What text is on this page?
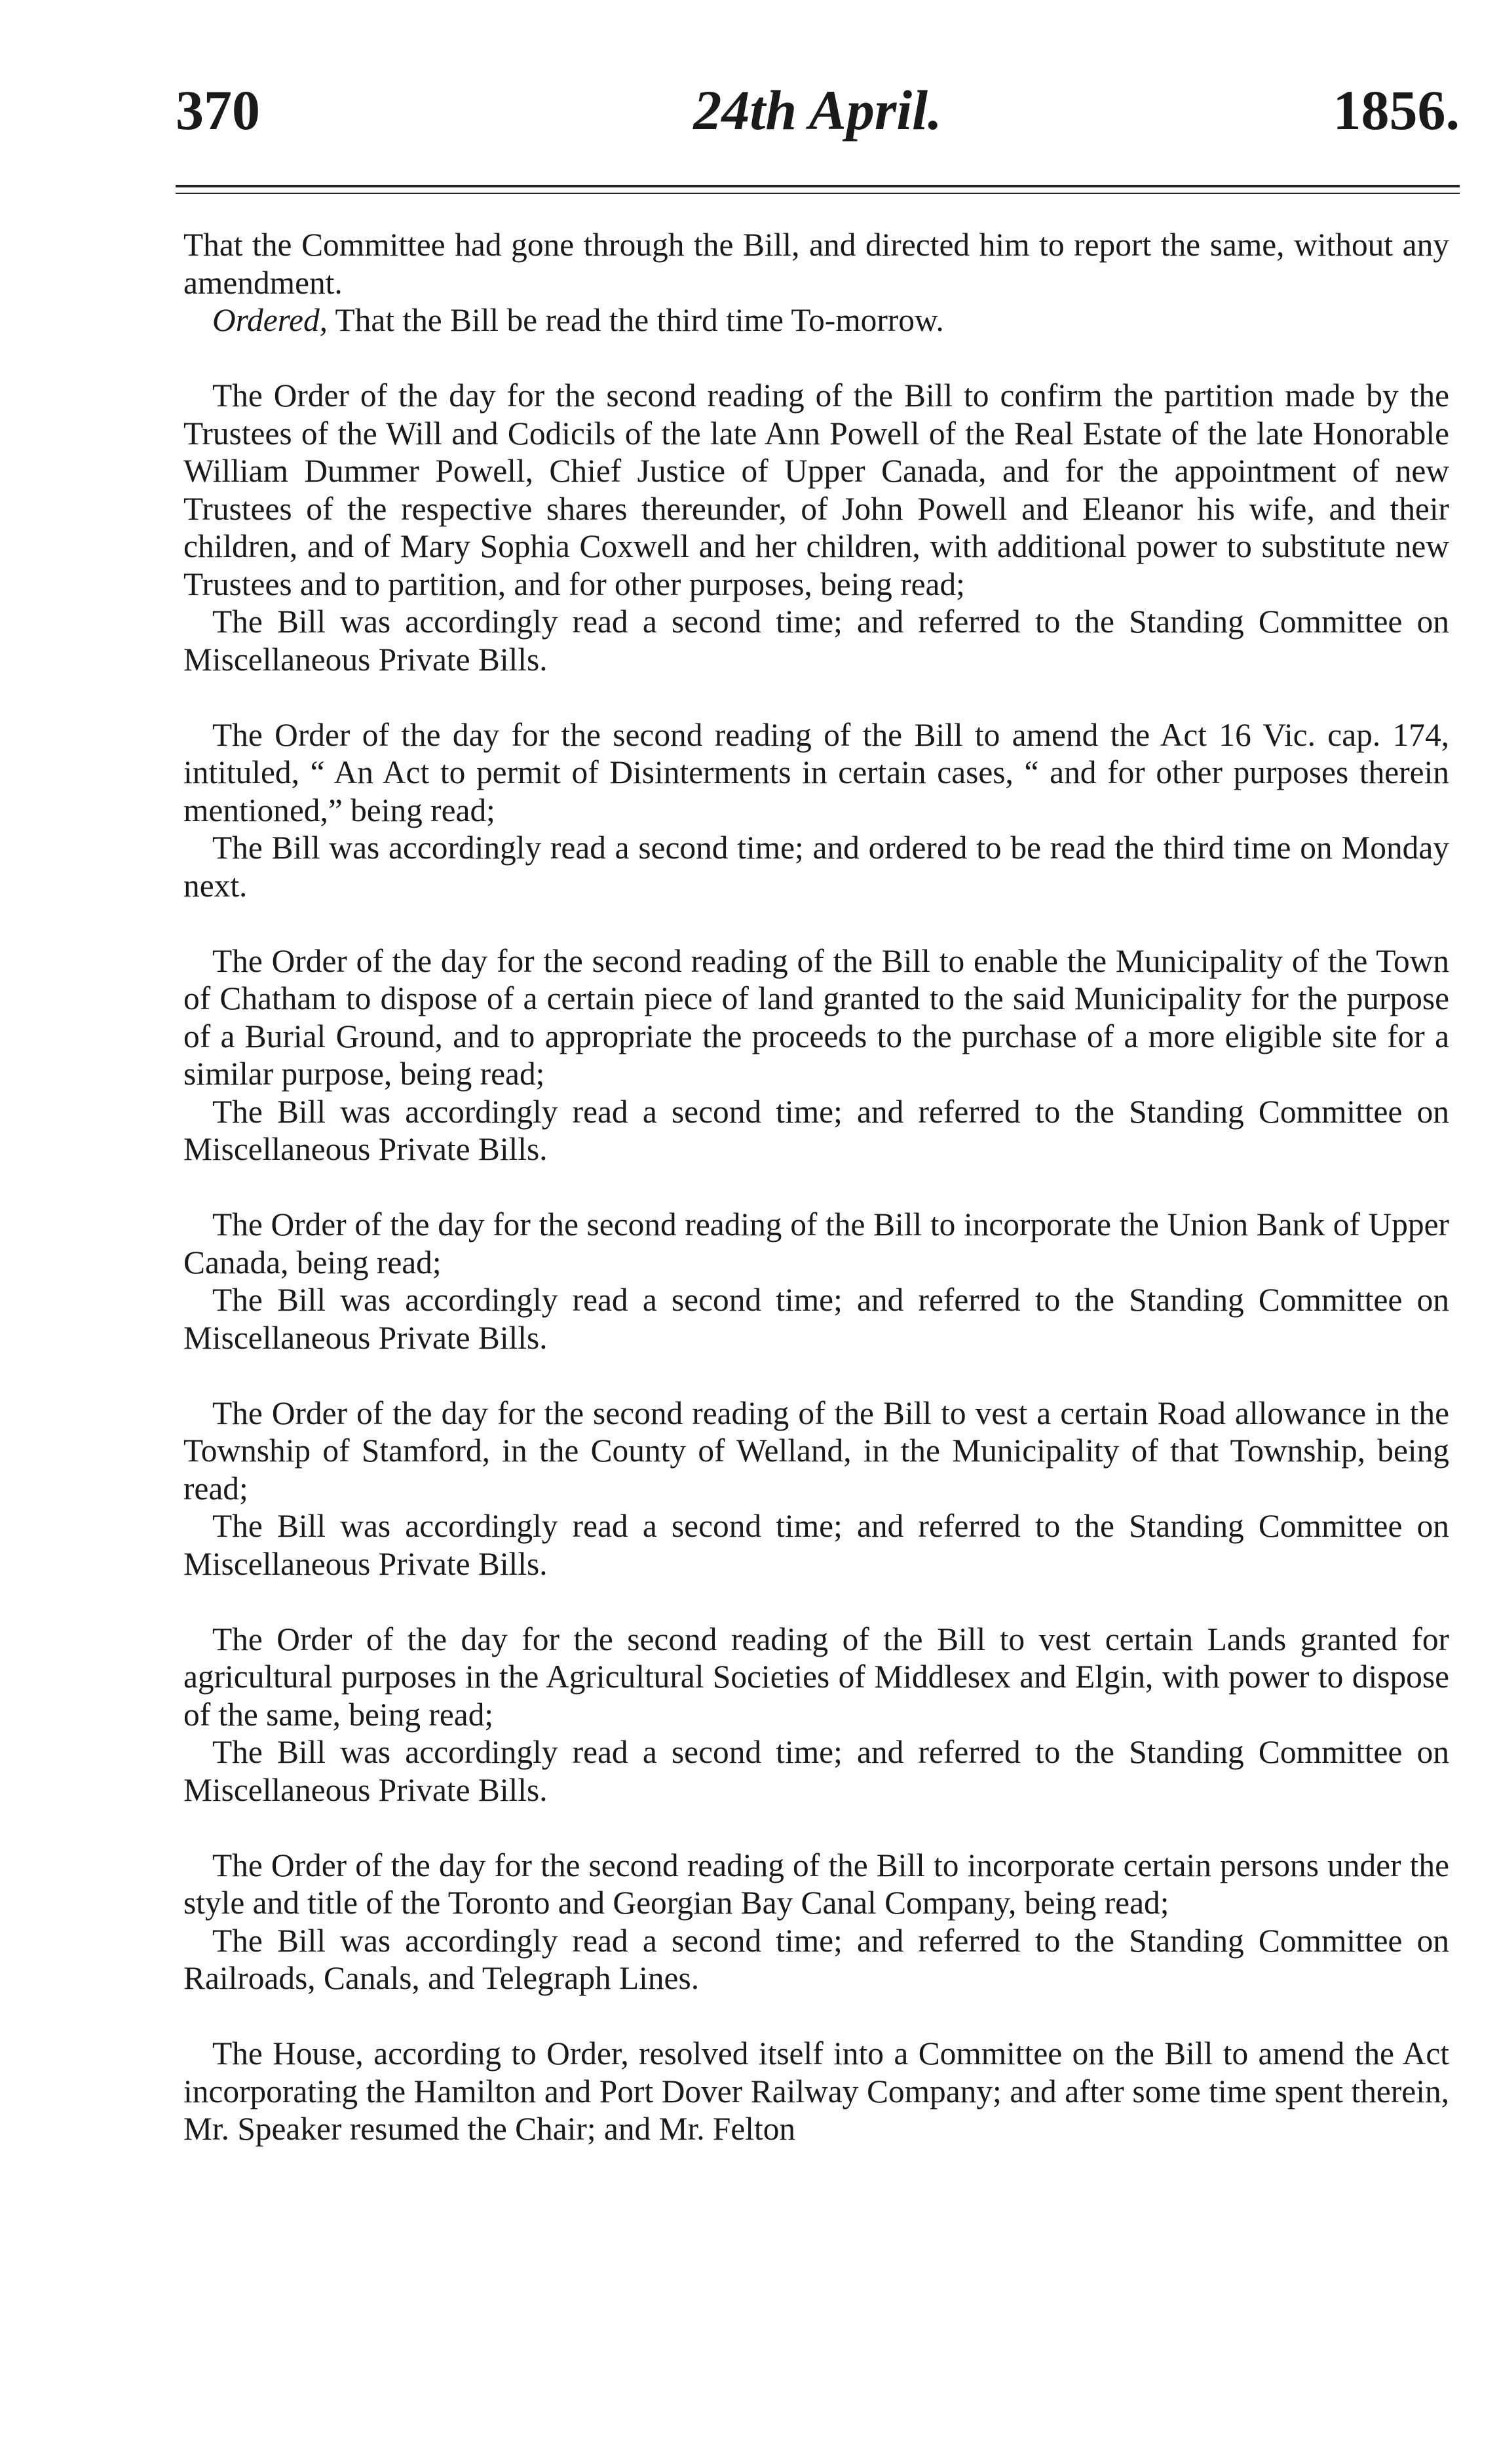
370	24th April.	1856.

That the Committee had gone through the Bill, and directed him to report the same, without any amendment.

Ordered, That the Bill be read the third time To-morrow.

The Order of the day for the second reading of the Bill to confirm the partition made by the Trustees of the Will and Codicils of the late Ann Powell of the Real Estate of the late Honorable William Dummer Powell, Chief Justice of Upper Canada, and for the appointment of new Trustees of the respective shares thereunder, of John Powell and Eleanor his wife, and their children, and of Mary Sophia Coxwell and her children, with additional power to substitute new Trustees and to partition, and for other purposes, being read;

The Bill was accordingly read a second time; and referred to the Standing Committee on Miscellaneous Private Bills.

The Order of the day for the second reading of the Bill to amend the Act 16 Vic. cap. 174, intituled, “ An Act to permit of Disinterments in certain cases, “ and for other purposes therein mentioned,” being read;

The Bill was accordingly read a second time; and ordered to be read the third time on Monday next.

The Order of the day for the second reading of the Bill to enable the Municipality of the Town of Chatham to dispose of a certain piece of land granted to the said Municipality for the purpose of a Burial Ground, and to appropriate the proceeds to the purchase of a more eligible site for a similar purpose, being read;

The Bill was accordingly read a second time; and referred to the Standing Committee on Miscellaneous Private Bills.

The Order of the day for the second reading of the Bill to incorporate the Union Bank of Upper Canada, being read;

The Bill was accordingly read a second time; and referred to the Standing Committee on Miscellaneous Private Bills.

The Order of the day for the second reading of the Bill to vest a certain Road allowance in the Township of Stamford, in the County of Welland, in the Municipality of that Township, being read;

The Bill was accordingly read a second time; and referred to the Standing Committee on Miscellaneous Private Bills.

The Order of the day for the second reading of the Bill to vest certain Lands granted for agricultural purposes in the Agricultural Societies of Middlesex and Elgin, with power to dispose of the same, being read;

The Bill was accordingly read a second time; and referred to the Standing Committee on Miscellaneous Private Bills.

The Order of the day for the second reading of the Bill to incorporate certain persons under the style and title of the Toronto and Georgian Bay Canal Company, being read;

The Bill was accordingly read a second time; and referred to the Standing Committee on Railroads, Canals, and Telegraph Lines.

The House, according to Order, resolved itself into a Committee on the Bill to amend the Act incorporating the Hamilton and Port Dover Railway Company; and after some time spent therein, Mr. Speaker resumed the Chair; and Mr. Felton
